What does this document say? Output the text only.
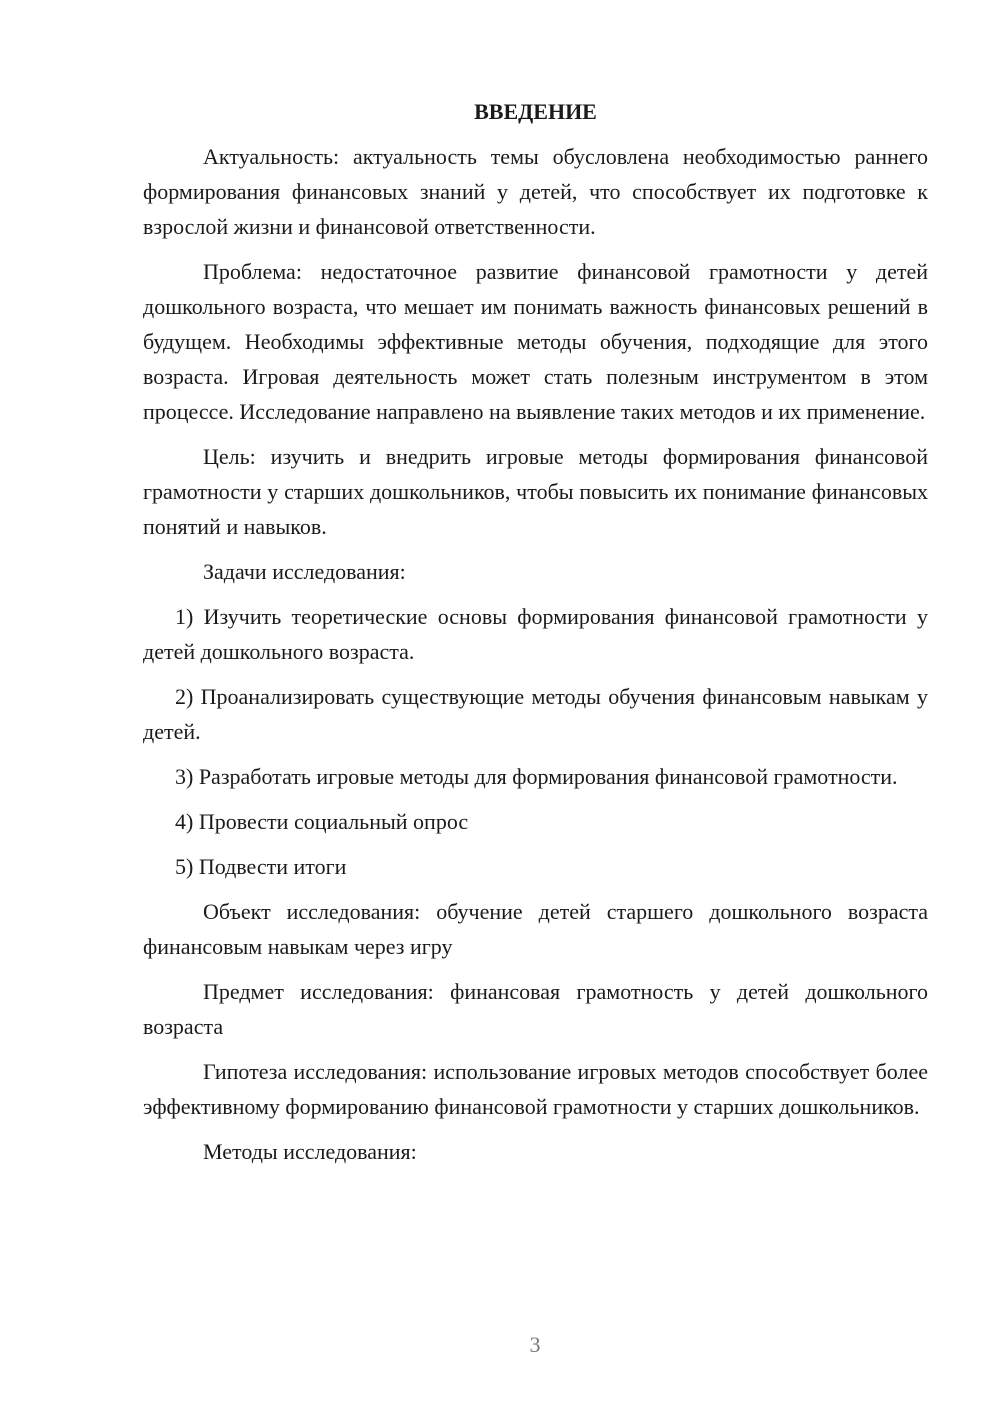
ВВЕДЕНИЕ

Актуальность: актуальность темы обусловлена необходимостью раннего формирования финансовых знаний у детей, что способствует их подготовке к взрослой жизни и финансовой ответственности.

Проблема: недостаточное развитие финансовой грамотности у детей дошкольного возраста, что мешает им понимать важность финансовых решений в будущем. Необходимы эффективные методы обучения, подходящие для этого возраста. Игровая деятельность может стать полезным инструментом в этом процессе. Исследование направлено на выявление таких методов и их применение.

Цель: изучить и внедрить игровые методы формирования финансовой грамотности у старших дошкольников, чтобы повысить их понимание финансовых понятий и навыков.

Задачи исследования:

1) Изучить теоретические основы формирования финансовой грамотности у детей дошкольного возраста.

2) Проанализировать существующие методы обучения финансовым навыкам у детей.

3) Разработать игровые методы для формирования финансовой грамотности.

4) Провести социальный опрос

5) Подвести итоги

Объект исследования: обучение детей старшего дошкольного возраста финансовым навыкам через игру

Предмет исследования: финансовая грамотность у детей дошкольного возраста

Гипотеза исследования: использование игровых методов способствует более эффективному формированию финансовой грамотности у старших дошкольников.

Методы исследования:

3
